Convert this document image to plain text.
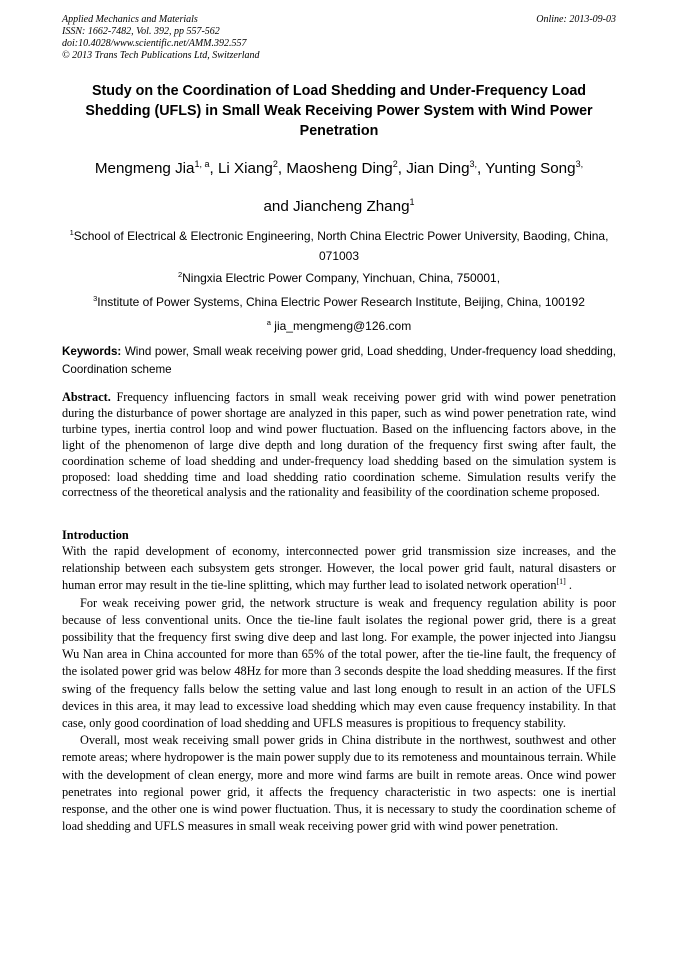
Applied Mechanics and Materials
ISSN: 1662-7482, Vol. 392, pp 557-562
doi:10.4028/www.scientific.net/AMM.392.557
© 2013 Trans Tech Publications Ltd, Switzerland
Online: 2013-09-03
Study on the Coordination of Load Shedding and Under-Frequency Load Shedding (UFLS) in Small Weak Receiving Power System with Wind Power Penetration
Mengmeng Jia$^{1, a}$, Li Xiang$^2$, Maosheng Ding$^2$, Jian Ding$^{3,}$, Yunting Song$^{3,}$
and Jiancheng Zhang$^1$
$^1$School of Electrical & Electronic Engineering, North China Electric Power University, Baoding, China, 071003
$^2$Ningxia Electric Power Company, Yinchuan, China, 750001,
$^3$Institute of Power Systems, China Electric Power Research Institute, Beijing, China, 100192
$^a$ jia_mengmeng@126.com
Keywords: Wind power, Small weak receiving power grid, Load shedding, Under-frequency load shedding, Coordination scheme
Abstract. Frequency influencing factors in small weak receiving power grid with wind power penetration during the disturbance of power shortage are analyzed in this paper, such as wind power penetration rate, wind turbine types, inertia control loop and wind power fluctuation. Based on the influencing factors above, in the light of the phenomenon of large dive depth and long duration of the frequency first swing after fault, the coordination scheme of load shedding and under-frequency load shedding based on the simulation system is proposed: load shedding time and load shedding ratio coordination scheme. Simulation results verify the correctness of the theoretical analysis and the rationality and feasibility of the coordination scheme proposed.
Introduction

With the rapid development of economy, interconnected power grid transmission size increases, and the relationship between each subsystem gets stronger. However, the local power grid fault, natural disasters or human error may result in the tie-line splitting, which may further lead to isolated network operation[1] .

For weak receiving power grid, the network structure is weak and frequency regulation ability is poor because of less conventional units. Once the tie-line fault isolates the regional power grid, there is a great possibility that the frequency first swing dive deep and last long. For example, the power injected into Jiangsu Wu Nan area in China accounted for more than 65% of the total power, after the tie-line fault, the frequency of the isolated power grid was below 48Hz for more than 3 seconds despite the load shedding measures. If the first swing of the frequency falls below the setting value and last long enough to result in an action of the UFLS devices in this area, it may lead to excessive load shedding which may even cause frequency instability. In that case, only good coordination of load shedding and UFLS measures is propitious to frequency stability.

Overall, most weak receiving small power grids in China distribute in the northwest, southwest and other remote areas; where hydropower is the main power supply due to its remoteness and mountainous terrain. While with the development of clean energy, more and more wind farms are built in remote areas. Once wind power penetrates into regional power grid, it affects the frequency characteristic in two aspects: one is inertial response, and the other one is wind power fluctuation. Thus, it is necessary to study the coordination scheme of load shedding and UFLS measures in small weak receiving power grid with wind power penetration.
